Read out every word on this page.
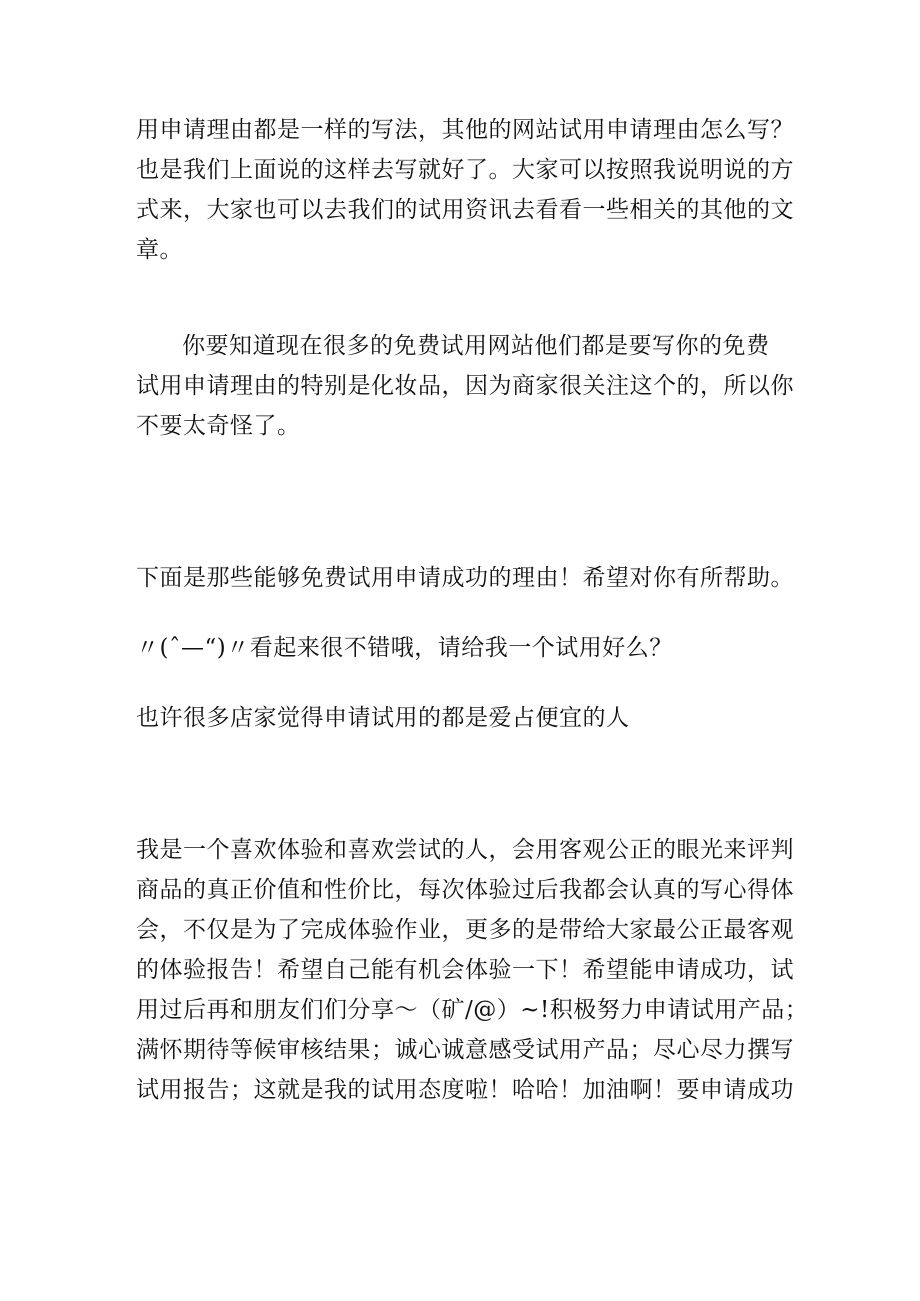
用申请理由都是一样的写法，其他的网站试用申请理由怎么写？
也是我们上面说的这样去写就好了。大家可以按照我说明说的方
式来，大家也可以去我们的试用资讯去看看一些相关的其他的文
章。

你要知道现在很多的免费试用网站他们都是要写你的免费
试用申请理由的特别是化妆品，因为商家很关注这个的，所以你
不要太奇怪了。

下面是那些能够免费试用申请成功的理由！希望对你有所帮助。

〃(ˆ—“)〃看起来很不错哦，请给我一个试用好么？

也许很多店家觉得申请试用的都是爱占便宜的人

我是一个喜欢体验和喜欢尝试的人，会用客观公正的眼光来评判
商品的真正价值和性价比，每次体验过后我都会认真的写心得体
会，不仅是为了完成体验作业，更多的是带给大家最公正最客观
的体验报告！希望自己能有机会体验一下！希望能申请成功，试
用过后再和朋友们们分享～（矿/@）~!积极努力申请试用产品；
满怀期待等候审核结果；诚心诚意感受试用产品；尽心尽力撰写
试用报告；这就是我的试用态度啦！哈哈！加油啊！要申请成功
